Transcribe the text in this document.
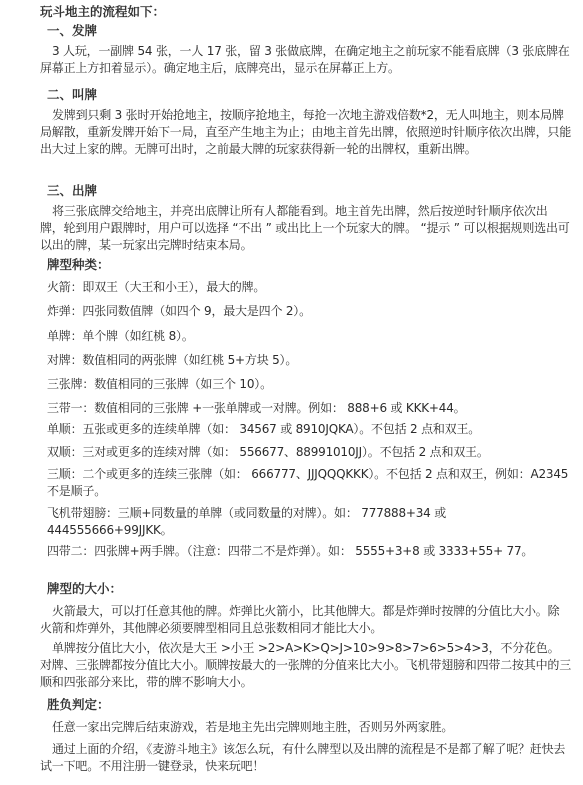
玩斗地主的流程如下：
一、发牌
3 人玩，一副牌 54 张，一人 17 张，留 3 张做底牌，在确定地主之前玩家不能看底牌（3 张底牌在屏幕正上方扣着显示）。确定地主后，底牌亮出，显示在屏幕正上方。
二、叫牌
发牌到只剩 3 张时开始抢地主，按顺序抢地主，每抢一次地主游戏倍数*2，无人叫地主，则本局牌局解散，重新发牌开始下一局，直至产生地主为止；由地主首先出牌，依照逆时针顺序依次出牌，只能出大过上家的牌。无牌可出时，之前最大牌的玩家获得新一轮的出牌权，重新出牌。
三、出牌
将三张底牌交给地主，并亮出底牌让所有人都能看到。地主首先出牌，然后按逆时针顺序依次出牌，轮到用户跟牌时，用户可以选择 “不出 ” 或出比上一个玩家大的牌。 “提示 ” 可以根据规则选出可以出的牌，某一玩家出完牌时结束本局。
牌型种类：
火箭：即双王（大王和小王），最大的牌。
炸弹：四张同数值牌（如四个 9，最大是四个 2）。
单牌：单个牌（如红桃 8）。
对牌：数值相同的两张牌（如红桃 5+方块 5）。
三张牌：数值相同的三张牌（如三个 10）。
三带一：数值相同的三张牌 +一张单牌或一对牌。例如： 888+6 或 KKK+44。
单顺：五张或更多的连续单牌（如： 34567 或 8910JQKA）。不包括 2 点和双王。
双顺：三对或更多的连续对牌（如： 556677、88991010JJ）。不包括 2 点和双王。
三顺：二个或更多的连续三张牌（如： 666777、JJJQQQKKK）。不包括 2 点和双王，例如：A2345 不是顺子。
飞机带翅膀：三顺+同数量的单牌（或同数量的对牌）。如： 777888+34 或 444555666+99JJKK。
四带二：四张牌+两手牌。（注意：四带二不是炸弹）。如： 5555+3+8 或 3333+55+ 77。
牌型的大小：
火箭最大，可以打任意其他的牌。炸弹比火箭小，比其他牌大。都是炸弹时按牌的分值比大小。除火箭和炸弹外，其他牌必须要牌型相同且总张数相同才能比大小。
单牌按分值比大小，依次是大王 >小王 >2>A>K>Q>J>10>9>8>7>6>5>4>3，不分花色。对牌、三张牌都按分值比大小。顺牌按最大的一张牌的分值来比大小。飞机带翅膀和四带二按其中的三顺和四张部分来比，带的牌不影响大小。
胜负判定：
任意一家出完牌后结束游戏，若是地主先出完牌则地主胜，否则另外两家胜。
通过上面的介绍，《麦游斗地主》该怎么玩，有什么牌型以及出牌的流程是不是都了解了呢？赶快去试一下吧。不用注册一键登录，快来玩吧！
